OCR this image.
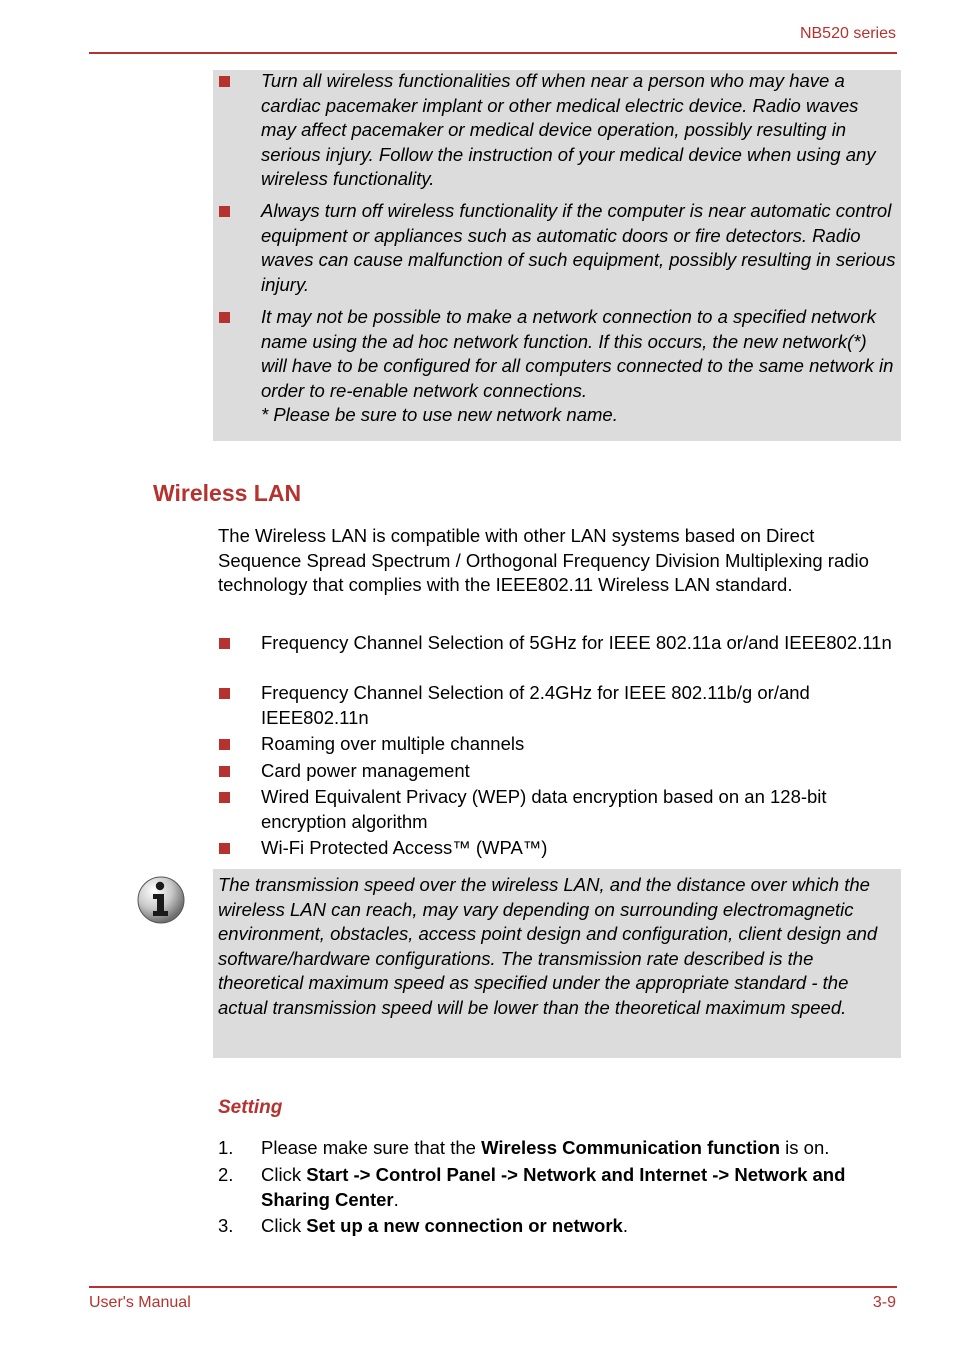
NB520 series
Turn all wireless functionalities off when near a person who may have a cardiac pacemaker implant or other medical electric device. Radio waves may affect pacemaker or medical device operation, possibly resulting in serious injury. Follow the instruction of your medical device when using any wireless functionality.
Always turn off wireless functionality if the computer is near automatic control equipment or appliances such as automatic doors or fire detectors. Radio waves can cause malfunction of such equipment, possibly resulting in serious injury.
It may not be possible to make a network connection to a specified network name using the ad hoc network function. If this occurs, the new network(*) will have to be configured for all computers connected to the same network in order to re-enable network connections.
* Please be sure to use new network name.
Wireless LAN
The Wireless LAN is compatible with other LAN systems based on Direct Sequence Spread Spectrum / Orthogonal Frequency Division Multiplexing radio technology that complies with the IEEE802.11 Wireless LAN standard.
Frequency Channel Selection of 5GHz for IEEE 802.11a or/and IEEE802.11n
Frequency Channel Selection of 2.4GHz for IEEE 802.11b/g or/and IEEE802.11n
Roaming over multiple channels
Card power management
Wired Equivalent Privacy (WEP) data encryption based on an 128-bit encryption algorithm
Wi-Fi Protected Access™ (WPA™)
The transmission speed over the wireless LAN, and the distance over which the wireless LAN can reach, may vary depending on surrounding electromagnetic environment, obstacles, access point design and configuration, client design and software/hardware configurations. The transmission rate described is the theoretical maximum speed as specified under the appropriate standard - the actual transmission speed will be lower than the theoretical maximum speed.
Setting
1. Please make sure that the Wireless Communication function is on.
2. Click Start -> Control Panel -> Network and Internet -> Network and Sharing Center.
3. Click Set up a new connection or network.
User's Manual	3-9
